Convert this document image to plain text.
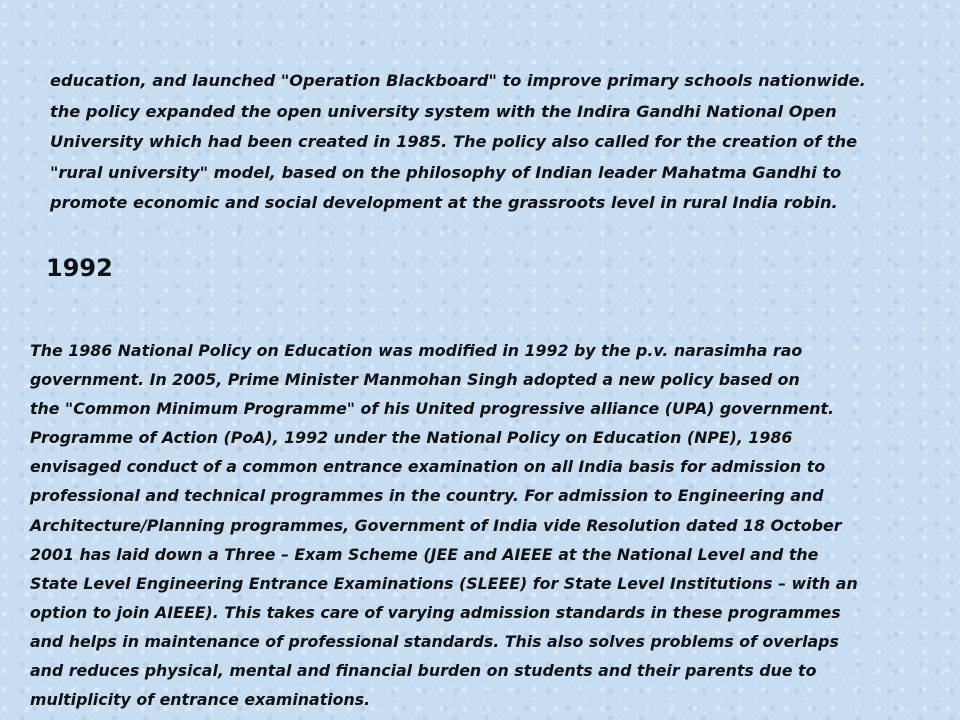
education, and launched "Operation Blackboard" to improve primary schools nationwide.
the policy expanded the open university system with the Indira Gandhi National Open
University which had been created in 1985. The policy also called for the creation of the
"rural university" model, based on the philosophy of Indian leader Mahatma Gandhi to
promote economic and social development at the grassroots level in rural India robin.

1992

The 1986 National Policy on Education was modified in 1992 by the p.v. narasimha rao
government. In 2005, Prime Minister Manmohan Singh adopted a new policy based on
the "Common Minimum Programme" of his United progressive alliance (UPA) government.
Programme of Action (PoA), 1992 under the National Policy on Education (NPE), 1986
envisaged conduct of a common entrance examination on all India basis for admission to
professional and technical programmes in the country. For admission to Engineering and
Architecture/Planning programmes, Government of India vide Resolution dated 18 October
2001 has laid down a Three – Exam Scheme (JEE and AIEEE at the National Level and the
State Level Engineering Entrance Examinations (SLEEE) for State Level Institutions – with an
option to join AIEEE). This takes care of varying admission standards in these programmes
and helps in maintenance of professional standards. This also solves problems of overlaps
and reduces physical, mental and financial burden on students and their parents due to
multiplicity of entrance examinations.
